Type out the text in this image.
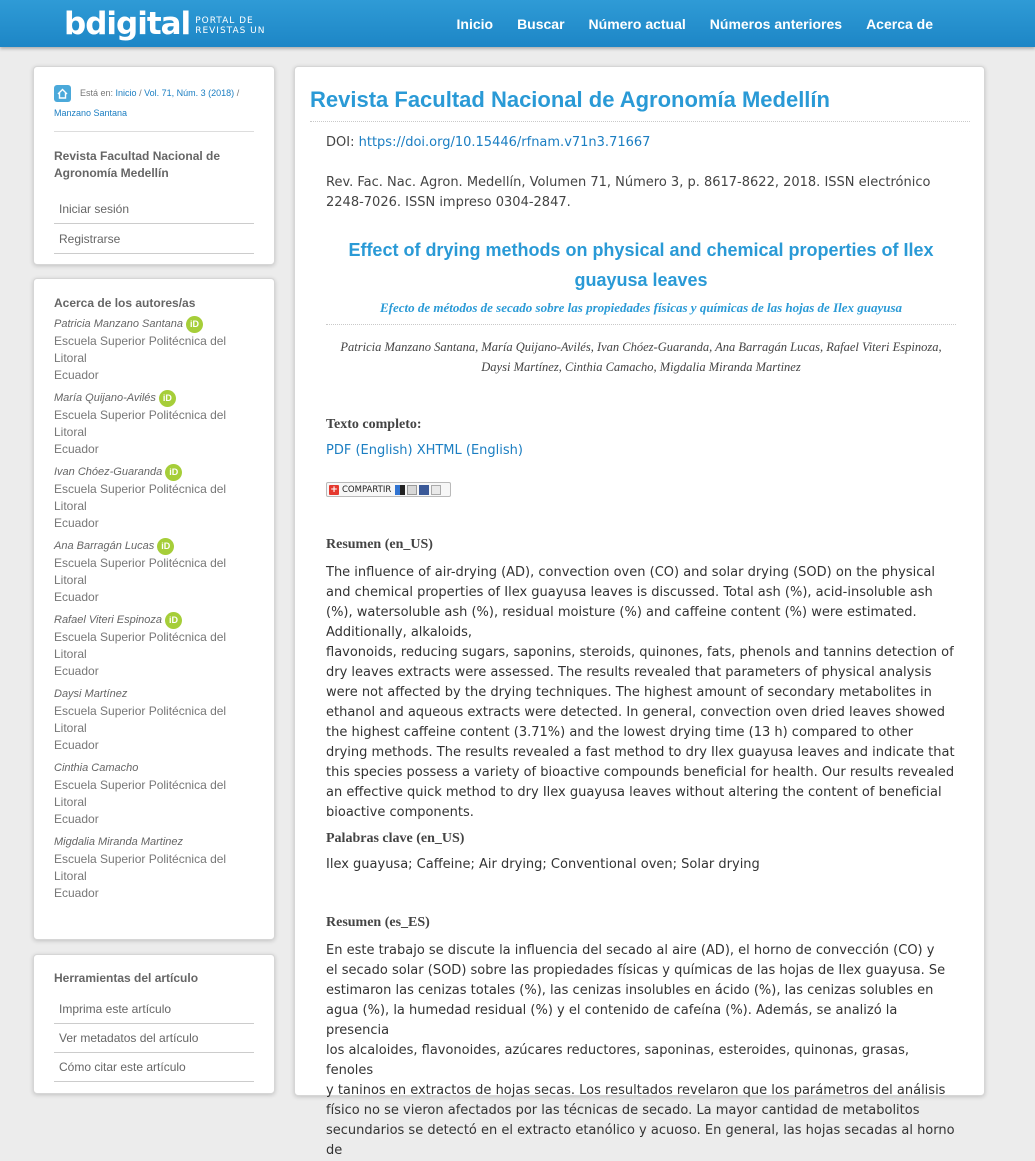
bdigital PORTAL DE
REVISTAS UN	Inicio Buscar Número actual Números anteriores Acerca de
Está en: Inicio / Vol. 71, Núm. 3 (2018) /
Manzano Santana
Revista Facultad Nacional de Agronomía Medellín
Iniciar sesión
Registrarse
Acerca de los autores/as
Patricia Manzano Santana iD
Escuela Superior Politécnica del Litoral
Ecuador
María Quijano-Avilés iD
Escuela Superior Politécnica del Litoral
Ecuador
Ivan Chóez-Guaranda iD
Escuela Superior Politécnica del Litoral
Ecuador
Ana Barragán Lucas iD
Escuela Superior Politécnica del Litoral
Ecuador
Rafael Viteri Espinoza iD
Escuela Superior Politécnica del Litoral
Ecuador
Daysi Martínez
Escuela Superior Politécnica del Litoral
Ecuador
Cinthia Camacho
Escuela Superior Politécnica del Litoral
Ecuador
Migdalia Miranda Martinez
Escuela Superior Politécnica del Litoral
Ecuador
Herramientas del artículo
Imprima este artículo
Ver metadatos del artículo
Cómo citar este artículo
Revista Facultad Nacional de Agronomía Medellín
DOI: https://doi.org/10.15446/rfnam.v71n3.71667
Rev. Fac. Nac. Agron. Medellín, Volumen 71, Número 3, p. 8617-8622, 2018. ISSN electrónico 2248-7026. ISSN impreso 0304-2847.
Effect of drying methods on physical and chemical properties of Ilex guayusa leaves
Efecto de métodos de secado sobre las propiedades físicas y químicas de las hojas de Ilex guayusa
Patricia Manzano Santana, María Quijano-Avilés, Ivan Chóez-Guaranda, Ana Barragán Lucas, Rafael Viteri Espinoza, Daysi Martínez, Cinthia Camacho, Migdalia Miranda Martinez
Texto completo:
PDF (English) XHTML (English)
+ COMPARTIR
Resumen (en_US)
The influence of air-drying (AD), convection oven (CO) and solar drying (SOD) on the physical
and chemical properties of Ilex guayusa leaves is discussed. Total ash (%), acid-insoluble ash (%), watersoluble ash (%), residual moisture (%) and caffeine content (%) were estimated. Additionally, alkaloids,
flavonoids, reducing sugars, saponins, steroids, quinones, fats, phenols and tannins detection of dry leaves extracts were assessed. The results revealed that parameters of physical analysis were not affected by the drying techniques. The highest amount of secondary metabolites in ethanol and aqueous extracts were detected. In general, convection oven dried leaves showed the highest caffeine content (3.71%) and the lowest drying time (13 h) compared to other drying methods. The results revealed a fast method to dry Ilex guayusa leaves and indicate that this species possess a variety of bioactive compounds beneficial for health. Our results revealed an effective quick method to dry Ilex guayusa leaves without altering the content of beneficial bioactive components.
Palabras clave (en_US)
Ilex guayusa; Caffeine; Air drying; Conventional oven; Solar drying
Resumen (es_ES)
En este trabajo se discute la influencia del secado al aire (AD), el horno de convección (CO) y
el secado solar (SOD) sobre las propiedades físicas y químicas de las hojas de Ilex guayusa. Se estimaron las cenizas totales (%), las cenizas insolubles en ácido (%), las cenizas solubles en
agua (%), la humedad residual (%) y el contenido de cafeína (%). Además, se analizó la presencia
los alcaloides, flavonoides, azúcares reductores, saponinas, esteroides, quinonas, grasas, fenoles
y taninos en extractos de hojas secas. Los resultados revelaron que los parámetros del análisis
físico no se vieron afectados por las técnicas de secado. La mayor cantidad de metabolitos
secundarios se detectó en el extracto etanólico y acuoso. En general, las hojas secadas al horno de
